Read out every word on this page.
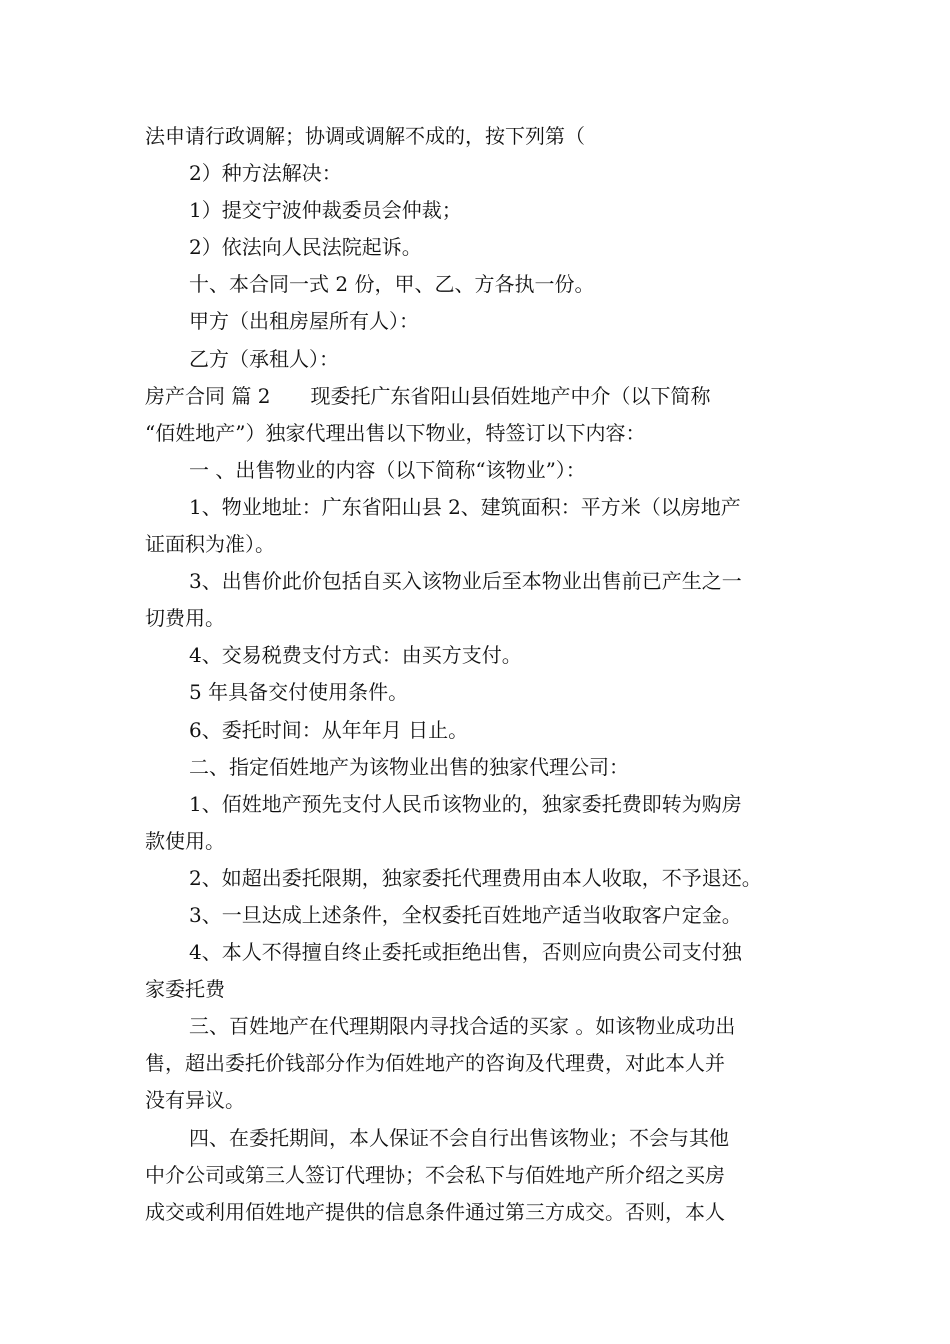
法申请行政调解；协调或调解不成的，按下列第（
2）种方法解决：
1）提交宁波仲裁委员会仲裁；
2）依法向人民法院起诉。
十、本合同一式 2 份，甲、乙、方各执一份。
甲方（出租房屋所有人）：
乙方（承租人）：
房产合同 篇 2　　现委托广东省阳山县佰姓地产中介（以下简称
“佰姓地产”）独家代理出售以下物业，特签订以下内容：
一 、出售物业的内容（以下简称“该物业”）：
1、物业地址：广东省阳山县 2、建筑面积：平方米（以房地产
证面积为准）。
3、出售价此价包括自买入该物业后至本物业出售前已产生之一
切费用。
4、交易税费支付方式：由买方支付。
5 年具备交付使用条件。
6、委托时间：从年年月 日止。
二、指定佰姓地产为该物业出售的独家代理公司：
1、佰姓地产预先支付人民币该物业的，独家委托费即转为购房
款使用。
2、如超出委托限期，独家委托代理费用由本人收取，不予退还。
3、一旦达成上述条件，全权委托百姓地产适当收取客户定金。
4、本人不得擅自终止委托或拒绝出售，否则应向贵公司支付独
家委托费
三、百姓地产在代理期限内寻找合适的买家 。如该物业成功出
售，超出委托价钱部分作为佰姓地产的咨询及代理费，对此本人并
没有异议。
四、在委托期间，本人保证不会自行出售该物业；不会与其他
中介公司或第三人签订代理协；不会私下与佰姓地产所介绍之买房
成交或利用佰姓地产提供的信息条件通过第三方成交。否则，本人
